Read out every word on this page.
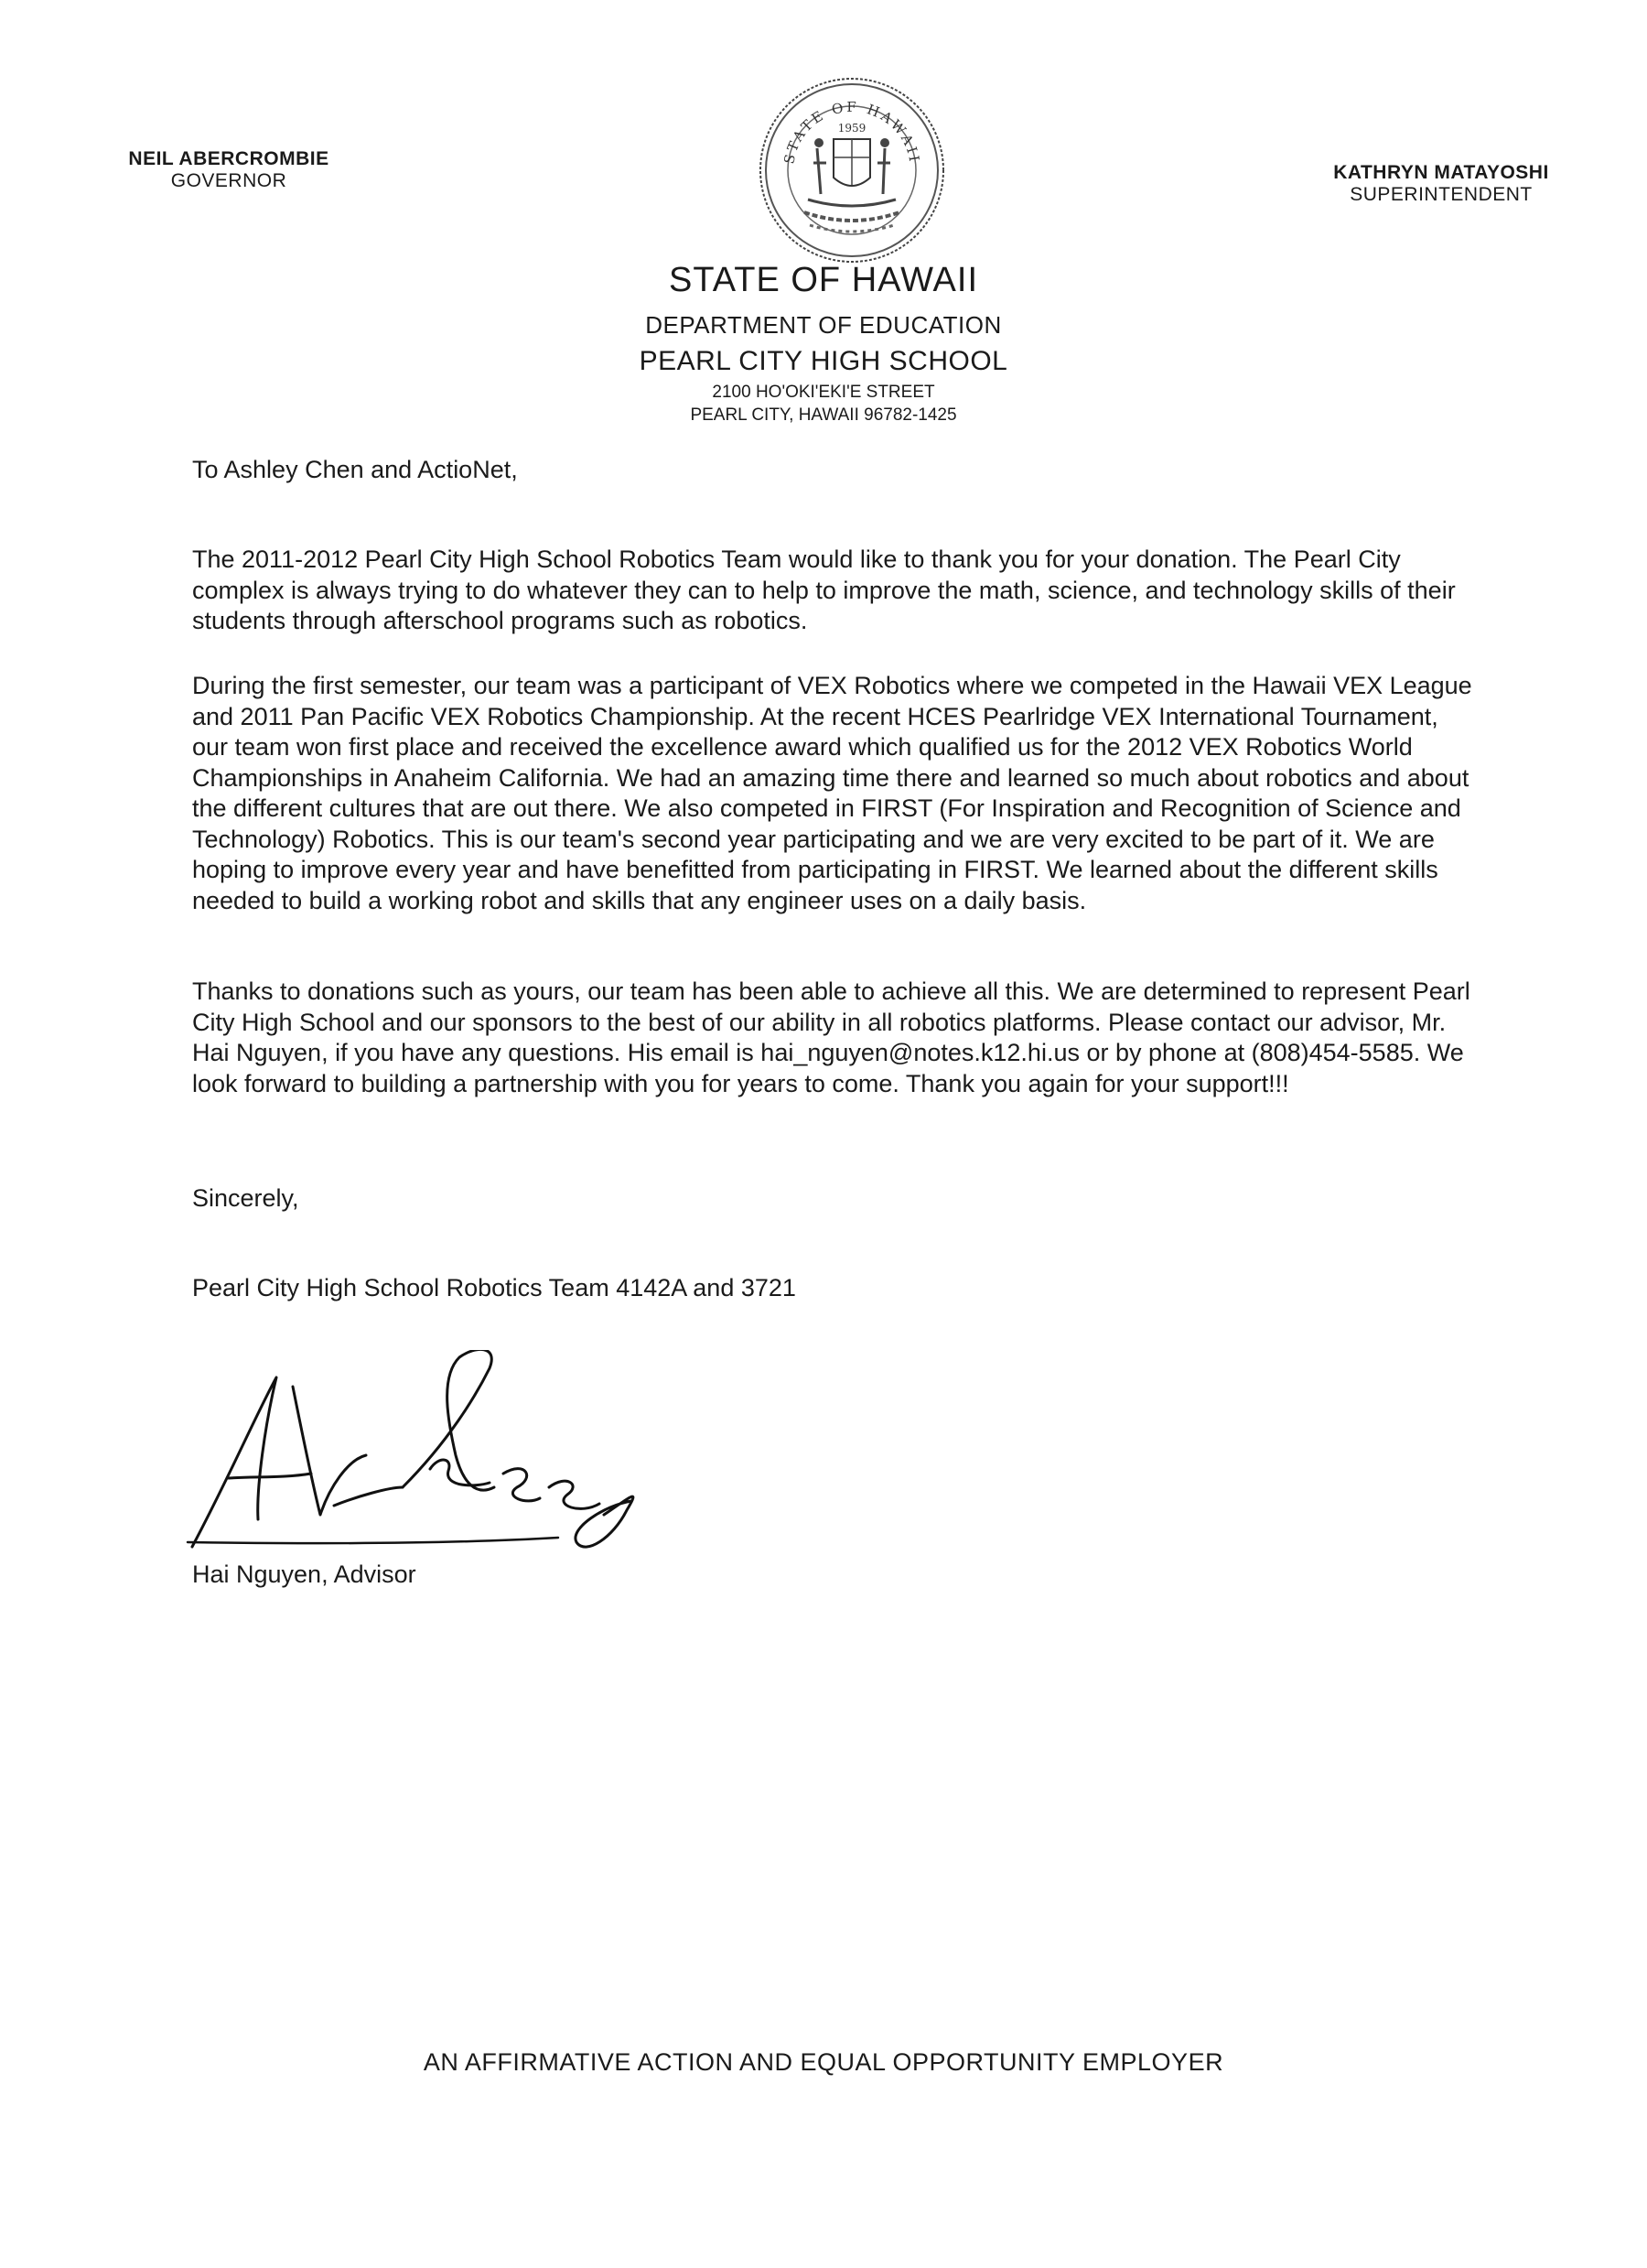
NEIL ABERCROMBIE
GOVERNOR
STATE OF HAWAII
1959
KATHRYN MATAYOSHI
SUPERINTENDENT
STATE OF HAWAII
DEPARTMENT OF EDUCATION
PEARL CITY HIGH SCHOOL
2100 HO'OKI'EKI'E STREET
PEARL CITY, HAWAII 96782-1425
To Ashley Chen and ActioNet,

The 2011-2012 Pearl City High School Robotics Team would like to thank you for your donation. The Pearl City complex is always trying to do whatever they can to help to improve the math, science, and technology skills of their students through afterschool programs such as robotics.

During the first semester, our team was a participant of VEX Robotics where we competed in the Hawaii VEX League and 2011 Pan Pacific VEX Robotics Championship. At the recent HCES Pearlridge VEX International Tournament, our team won first place and received the excellence award which qualified us for the 2012 VEX Robotics World Championships in Anaheim California. We had an amazing time there and learned so much about robotics and about the different cultures that are out there. We also competed in FIRST (For Inspiration and Recognition of Science and Technology) Robotics. This is our team's second year participating and we are very excited to be part of it. We are hoping to improve every year and have benefitted from participating in FIRST. We learned about the different skills needed to build a working robot and skills that any engineer uses on a daily basis.

Thanks to donations such as yours, our team has been able to achieve all this. We are determined to represent Pearl City High School and our sponsors to the best of our ability in all robotics platforms. Please contact our advisor, Mr. Hai Nguyen, if you have any questions. His email is hai_nguyen@notes.k12.hi.us or by phone at (808)454-5585. We look forward to building a partnership with you for years to come. Thank you again for your support!!!

Sincerely,
Pearl City High School Robotics Team 4142A and 3721
Hai Nguyen, Advisor
AN AFFIRMATIVE ACTION AND EQUAL OPPORTUNITY EMPLOYER
